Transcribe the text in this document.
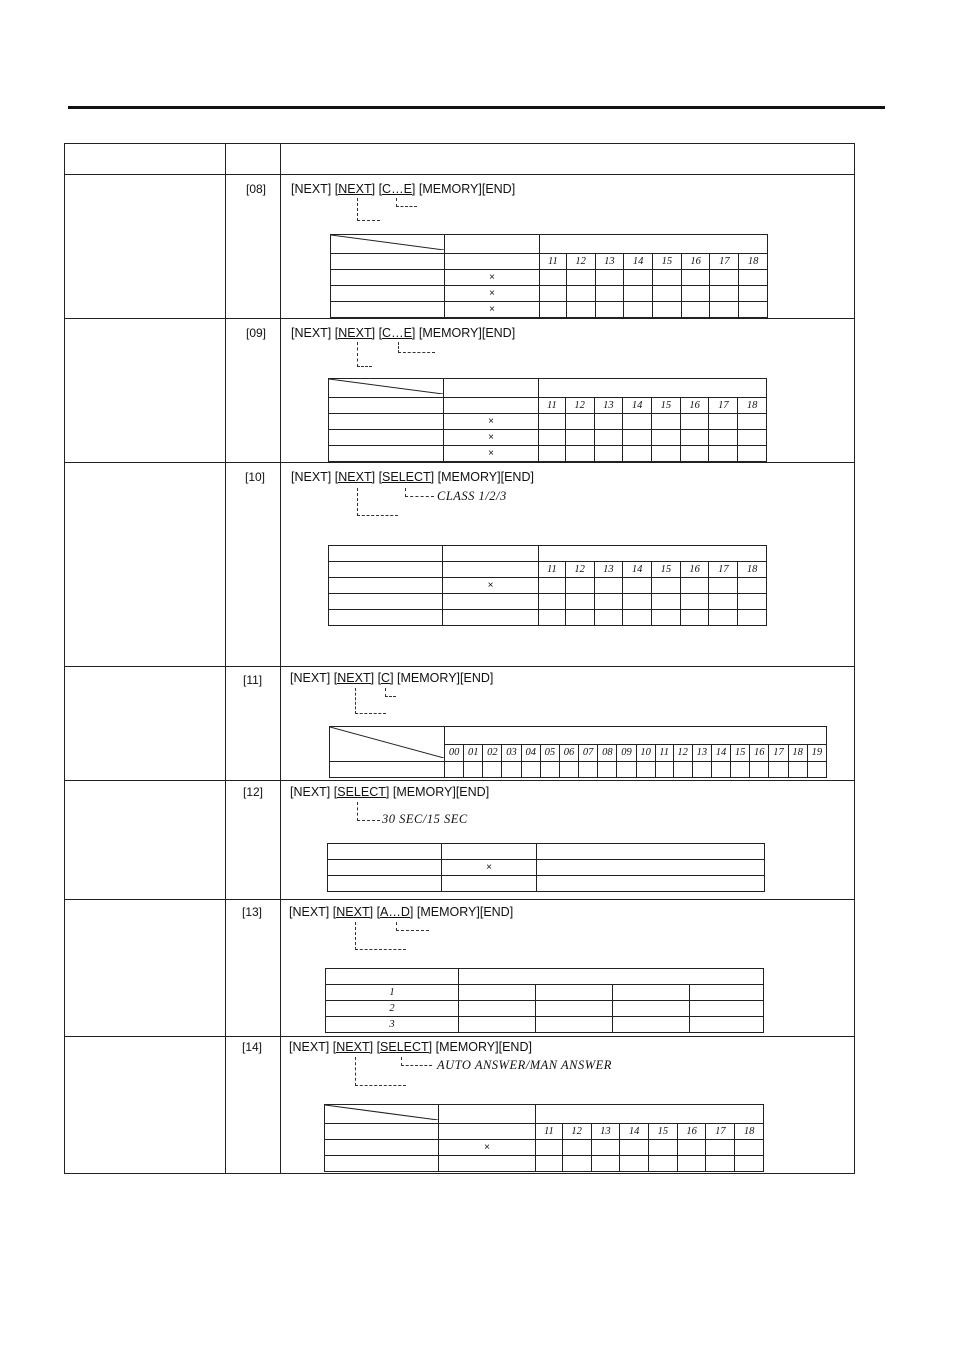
[08] [NEXT] [NEXT] [C…E] [MEMORY][END]

		11	12	13	14	15	16	17	18
	×								
	×								
	×								
[09] [NEXT] [NEXT] [C…E] [MEMORY][END]

		11	12	13	14	15	16	17	18
	×								
	×								
	×								
[10] [NEXT] [NEXT] [SELECT] [MEMORY][END]
CLASS 1/2/3

		11	12	13	14	15	16	17	18
	×								

[11] [NEXT] [NEXT] [C] [MEMORY][END]

	00	01	02	03	04	05	06	07	08	09	10	11	12	13	14	15	16	17	18	19

[12] [NEXT] [SELECT] [MEMORY][END]
30 SEC/15 SEC

	×	

[13] [NEXT] [NEXT] [A…D] [MEMORY][END]

1				
2				
3				
[14] [NEXT] [NEXT] [SELECT] [MEMORY][END]
AUTO ANSWER/MAN ANSWER

		11	12	13	14	15	16	17	18
	×								
